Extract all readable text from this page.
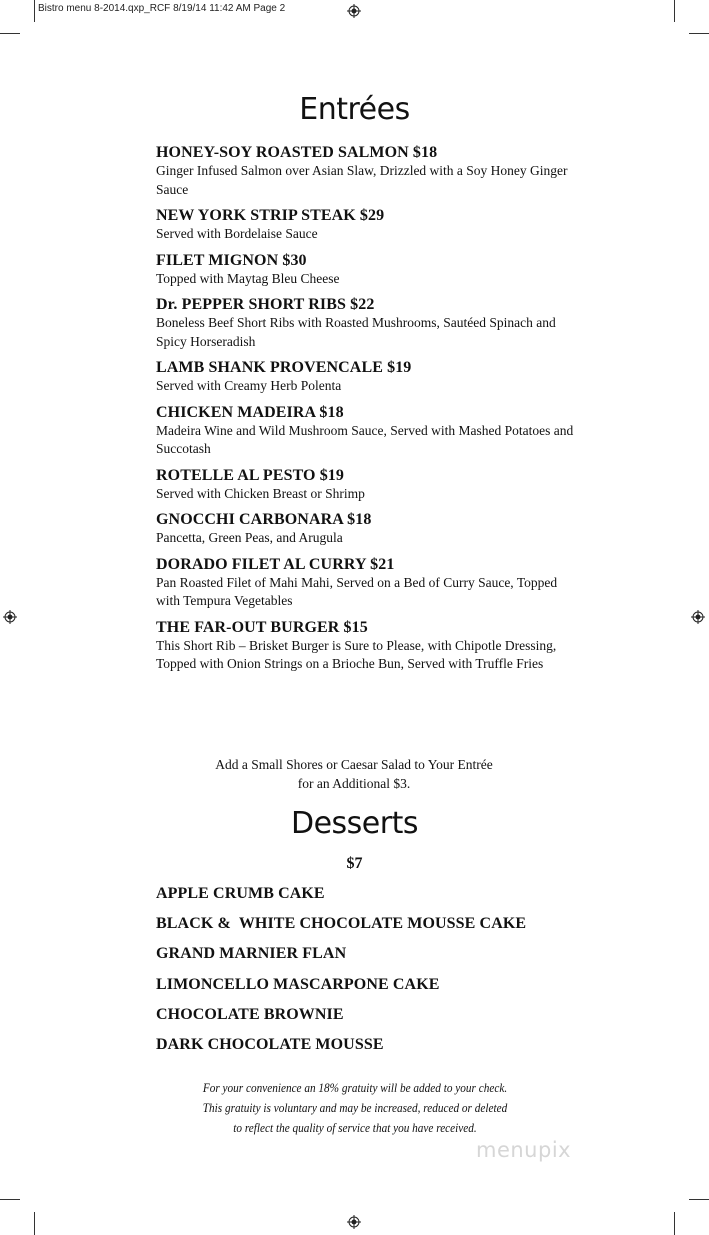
Bistro menu 8-2014.qxp_RCF 8/19/14 11:42 AM Page 2
Entrées
HONEY-SOY ROASTED SALMON $18
Ginger Infused Salmon over Asian Slaw, Drizzled with a Soy Honey Ginger Sauce
NEW YORK STRIP STEAK $29
Served with Bordelaise Sauce
FILET MIGNON $30
Topped with Maytag Bleu Cheese
Dr. PEPPER SHORT RIBS $22
Boneless Beef Short Ribs with Roasted Mushrooms, Sautéed Spinach and Spicy Horseradish
LAMB SHANK PROVENCALE $19
Served with Creamy Herb Polenta
CHICKEN MADEIRA $18
Madeira Wine and Wild Mushroom Sauce, Served with Mashed Potatoes and Succotash
ROTELLE AL PESTO $19
Served with Chicken Breast or Shrimp
GNOCCHI CARBONARA $18
Pancetta, Green Peas, and Arugula
DORADO FILET AL CURRY $21
Pan Roasted Filet of Mahi Mahi, Served on a Bed of Curry Sauce, Topped with Tempura Vegetables
THE FAR-OUT BURGER $15
This Short Rib – Brisket Burger is Sure to Please, with Chipotle Dressing, Topped with Onion Strings on a Brioche Bun, Served with Truffle Fries
Add a Small Shores or Caesar Salad to Your Entrée
for an Additional $3.
Desserts
$7
APPLE CRUMB CAKE
BLACK &  WHITE CHOCOLATE MOUSSE CAKE
GRAND MARNIER FLAN
LIMONCELLO MASCARPONE CAKE
CHOCOLATE BROWNIE
DARK CHOCOLATE MOUSSE
For your convenience an 18% gratuity will be added to your check.
This gratuity is voluntary and may be increased, reduced or deleted
to reflect the quality of service that you have received.
menupix
